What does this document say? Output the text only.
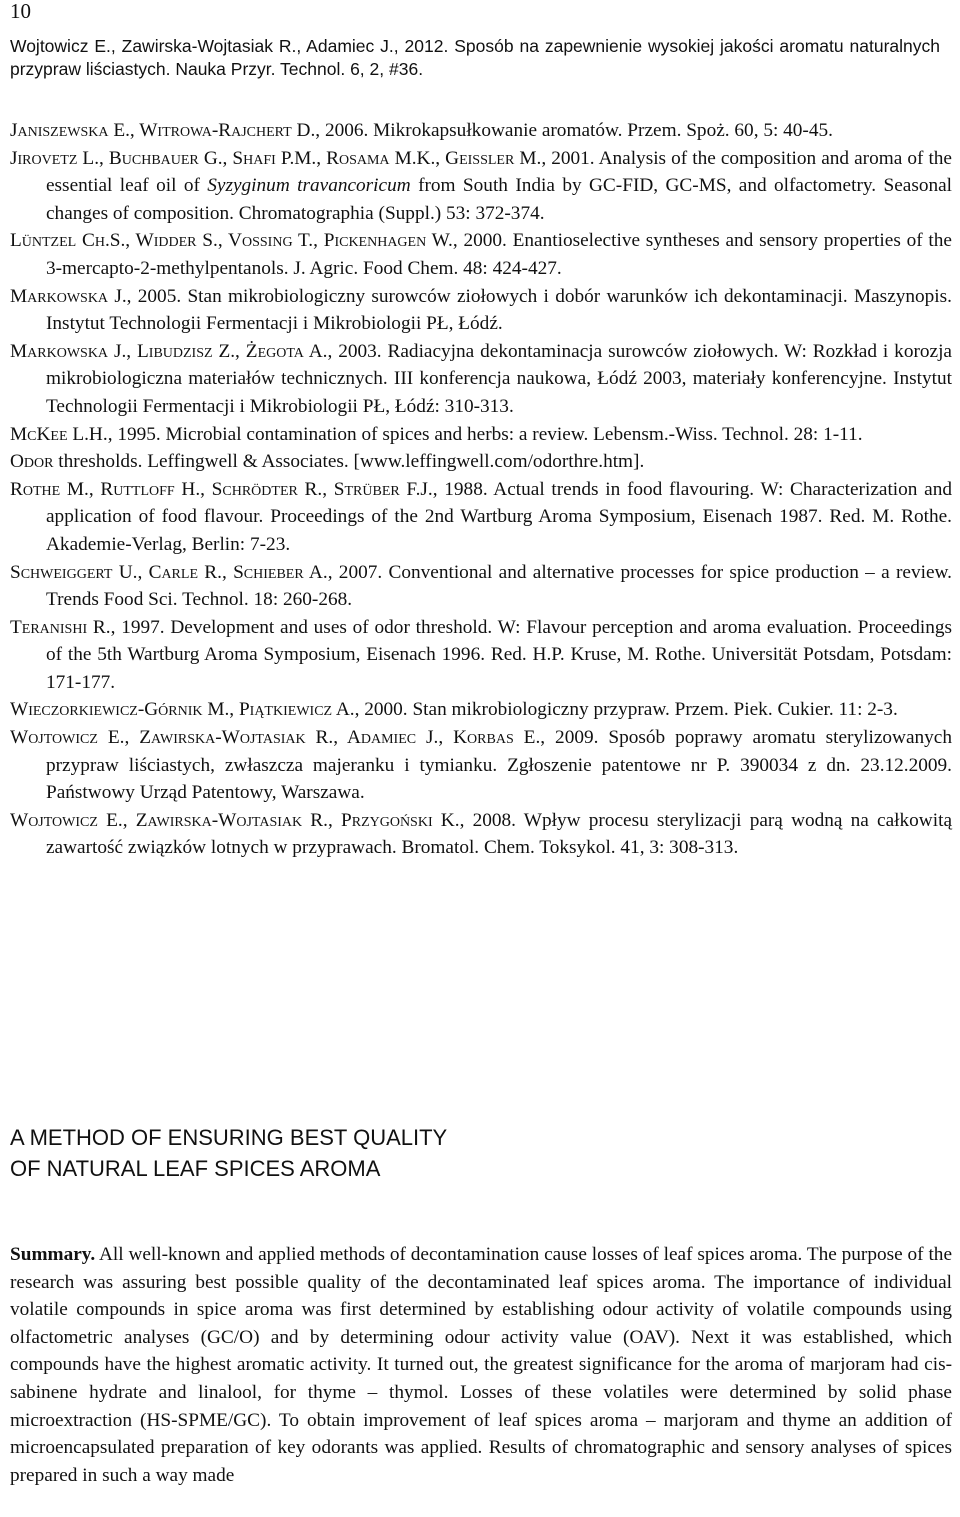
10
Wojtowicz E., Zawirska-Wojtasiak R., Adamiec J., 2012. Sposób na zapewnienie wysokiej jakości aromatu naturalnych przypraw liściastych. Nauka Przyr. Technol. 6, 2, #36.

Janiszewska E., Witrowa-Rajchert D., 2006. Mikrokapsułkowanie aromatów. Przem. Spoż. 60, 5: 40-45.

Jirovetz L., Buchbauer G., Shafi P.M., Rosama M.K., Geissler M., 2001. Analysis of the composition and aroma of the essential leaf oil of Syzyginum travancoricum from South India by GC-FID, GC-MS, and olfactometry. Seasonal changes of composition. Chromatographia (Suppl.) 53: 372-374.

Lüntzel Ch.S., Widder S., Vossing T., Pickenhagen W., 2000. Enantioselective syntheses and sensory properties of the 3-mercapto-2-methylpentanols. J. Agric. Food Chem. 48: 424-427.

Markowska J., 2005. Stan mikrobiologiczny surowców ziołowych i dobór warunków ich dekontaminacji. Maszynopis. Instytut Technologii Fermentacji i Mikrobiologii PŁ, Łódź.

Markowska J., Libudzisz Z., Żegota A., 2003. Radiacyjna dekontaminacja surowców ziołowych. W: Rozkład i korozja mikrobiologiczna materiałów technicznych. III konferencja naukowa, Łódź 2003, materiały konferencyjne. Instytut Technologii Fermentacji i Mikrobiologii PŁ, Łódź: 310-313.

McKee L.H., 1995. Microbial contamination of spices and herbs: a review. Lebensm.-Wiss. Technol. 28: 1-11.

Odor thresholds. Leffingwell & Associates. [www.leffingwell.com/odorthre.htm].

Rothe M., Ruttloff H., Schrödter R., Strüber F.J., 1988. Actual trends in food flavouring. W: Characterization and application of food flavour. Proceedings of the 2nd Wartburg Aroma Symposium, Eisenach 1987. Red. M. Rothe. Akademie-Verlag, Berlin: 7-23.

Schweiggert U., Carle R., Schieber A., 2007. Conventional and alternative processes for spice production – a review. Trends Food Sci. Technol. 18: 260-268.

Teranishi R., 1997. Development and uses of odor threshold. W: Flavour perception and aroma evaluation. Proceedings of the 5th Wartburg Aroma Symposium, Eisenach 1996. Red. H.P. Kruse, M. Rothe. Universität Potsdam, Potsdam: 171-177.

Wieczorkiewicz-Górnik M., Piątkiewicz A., 2000. Stan mikrobiologiczny przypraw. Przem. Piek. Cukier. 11: 2-3.

Wojtowicz E., Zawirska-Wojtasiak R., Adamiec J., Korbas E., 2009. Sposób poprawy aromatu sterylizowanych przypraw liściastych, zwłaszcza majeranku i tymianku. Zgłoszenie patentowe nr P. 390034 z dn. 23.12.2009. Państwowy Urząd Patentowy, Warszawa.

Wojtowicz E., Zawirska-Wojtasiak R., Przygoński K., 2008. Wpływ procesu sterylizacji parą wodną na całkowitą zawartość związków lotnych w przyprawach. Bromatol. Chem. Toksykol. 41, 3: 308-313.

A METHOD OF ENSURING BEST QUALITY
OF NATURAL LEAF SPICES AROMA

Summary. All well-known and applied methods of decontamination cause losses of leaf spices aroma. The purpose of the research was assuring best possible quality of the decontaminated leaf spices aroma. The importance of individual volatile compounds in spice aroma was first determined by establishing odour activity of volatile compounds using olfactometric analyses (GC/O) and by determining odour activity value (OAV). Next it was established, which compounds have the highest aromatic activity. It turned out, the greatest significance for the aroma of marjoram had cis-sabinene hydrate and linalool, for thyme – thymol. Losses of these volatiles were determined by solid phase microextraction (HS-SPME/GC). To obtain improvement of leaf spices aroma – marjoram and thyme an addition of microencapsulated preparation of key odorants was applied. Results of chromatographic and sensory analyses of spices prepared in such a way made
